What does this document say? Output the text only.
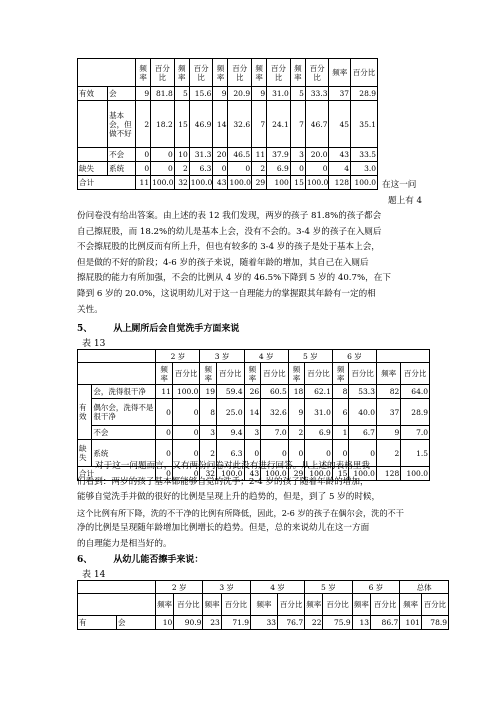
		频率	百分比	频率	百分比	频率	百分比	频率	百分比	频率	百分比	频率	百分比
有效	会	9	81.8	5	15.6	9	20.9	9	31.0	5	33.3	37	28.9
	基本会，但做不好	2	18.2	15	46.9	14	32.6	7	24.1	7	46.7	45	35.1
	不会	0	0	10	31.3	20	46.5	11	37.9	3	20.0	43	33.5
缺失	系统	0	0	2	6.3	0	0	2	6.9	0	0	4	3.0
合计		11	100.0	32	100.0	43	100.0	29	100	15	100.0	128	100.0 在这一问
题上有 4
份问卷没有给出答案。由上述的表 12 我们发现，两岁的孩子 81.8%的孩子都会
自己擦屁股，而 18.2%的幼儿是基本上会，没有不会的。3-4 岁的孩子在入厕后
不会擦屁股的比例反而有所上升，但也有较多的 3-4 岁的孩子是处于基本上会，
但是做的不好的阶段；4-6 岁的孩子来说，随着年龄的增加，其自己在入厕后
擦屁股的能力有所加强，不会的比例从 4 岁的 46.5%下降到 5 岁的 40.7%，在下
降到 6 岁的 20.0%，这说明幼儿对于这一自理能力的掌握跟其年龄有一定的相
关性。
5、 从上厕所后会自觉洗手方面来说
表 13
		2 岁		3 岁		4 岁		5 岁		6 岁			
		频率	百分比	频率	百分比	频率	百分比	频率	百分比	频率	百分比	频率	百分比
有效	会，洗得很干净	11	100.0	19	59.4	26	60.5	18	62.1	8	53.3	82	64.0
	偶尔会，洗得不是很干净	0	0	8	25.0	14	32.6	9	31.0	6	40.0	37	28.9
	不会	0	0	3	9.4	3	7.0	2	6.9	1	6.7	9	7.0
缺失	系统	0	0	2	6.3	0	0	0	0	0	0	2	1.5
合计		0	0	32	100.0	43	100.0	29	100.0	15	100.0	128	100.0
对于这一问题而言，又有两份问卷对此没有进行回答。从上述的表格里我
们看到：两岁的孩子基本都能够自觉的洗手；2-4 岁的孩子随着年龄的增加，
能够自觉洗手并做的很好的比例是呈现上升的趋势的，但是，到了 5 岁的时候，
这个比例有所下降，洗的不干净的比例有所降低，因此，2-6 岁的孩子在偶尔会，洗的不干
净的比例是呈现随年龄增加比例增长的趋势。但是，总的来说幼儿在这一方面
的自理能力是相当好的。
6、 从幼儿能否擦手来说：
表 14
		2 岁		3 岁		4 岁		5 岁		6 岁		总体	
		频率	百分比	频率	百分比	频率	百分比	频率	百分比	频率	百分比	频率	百分比
有	会	10	90.9	23	71.9	33	76.7	22	75.9	13	86.7	101	78.9
